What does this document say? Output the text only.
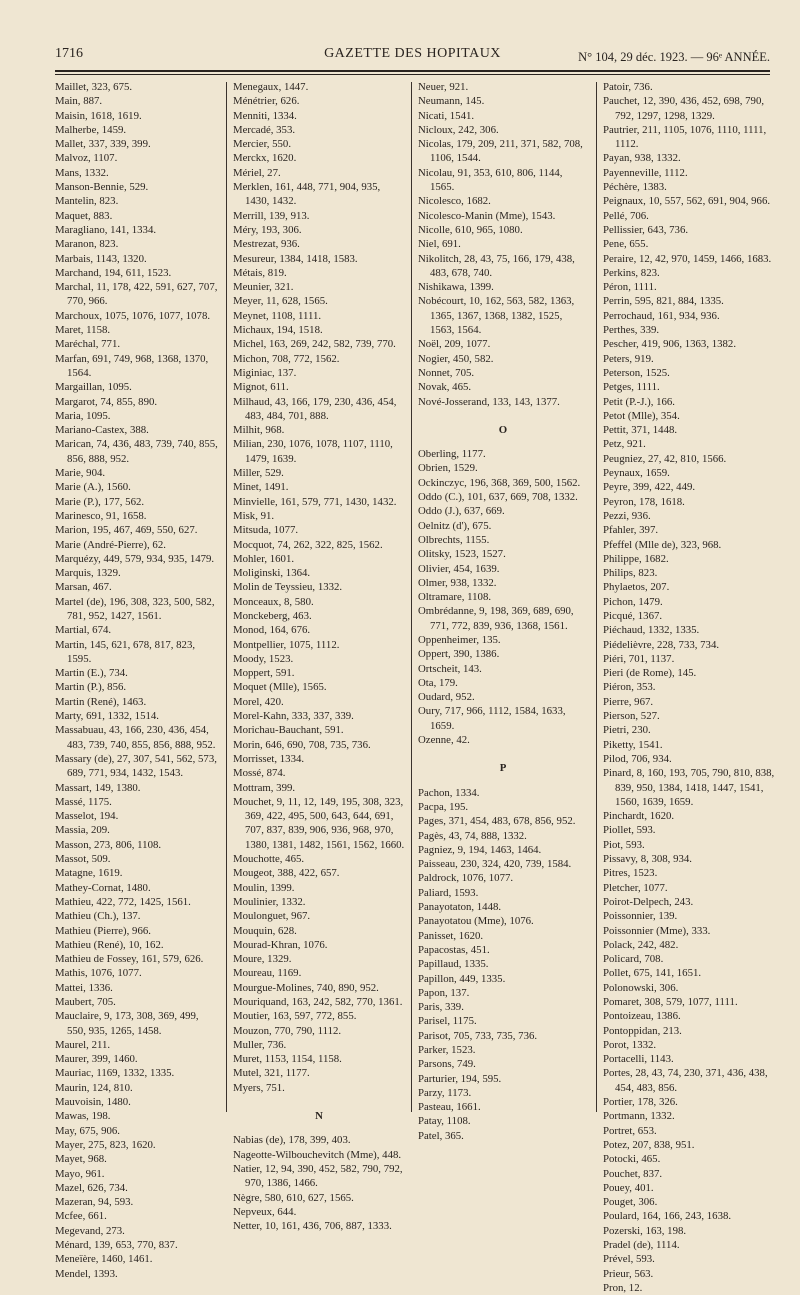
1716	GAZETTE DES HOPITAUX	N° 104, 29 déc. 1923. — 96ᵉ ANNÉE.

Maillet, 323, 675.

Main, 887.

Maisin, 1618, 1619.

Malherbe, 1459.

Mallet, 337, 339, 399.

Malvoz, 1107.

Mans, 1332.

Manson-Bennie, 529.

Mantelin, 823.

Maquet, 883.

Maragliano, 141, 1334.

Maranon, 823.

Marbais, 1143, 1320.

Marchand, 194, 611, 1523.

Marchal, 11, 178, 422, 591, 627, 707, 770, 966.

Marchoux, 1075, 1076, 1077, 1078.

Maret, 1158.

Maréchal, 771.

Marfan, 691, 749, 968, 1368, 1370, 1564.

Margaillan, 1095.

Margarot, 74, 855, 890.

Maria, 1095.

Mariano-Castex, 388.

Marican, 74, 436, 483, 739, 740, 855, 856, 888, 952.

Marie, 904.

Marie (A.), 1560.

Marie (P.), 177, 562.

Marinesco, 91, 1658.

Marion, 195, 467, 469, 550, 627.

Marie (André-Pierre), 62.

Marquézy, 449, 579, 934, 935, 1479.

Marquis, 1329.

Marsan, 467.

Martel (de), 196, 308, 323, 500, 582, 781, 952, 1427, 1561.

Martial, 674.

Martin, 145, 621, 678, 817, 823, 1595.

Martin (E.), 734.

Martin (P.), 856.

Martin (René), 1463.

Marty, 691, 1332, 1514.

Massabuau, 43, 166, 230, 436, 454, 483, 739, 740, 855, 856, 888, 952.

Massary (de), 27, 307, 541, 562, 573, 689, 771, 934, 1432, 1543.

Massart, 149, 1380.

Massé, 1175.

Masselot, 194.

Massia, 209.

Masson, 273, 806, 1108.

Massot, 509.

Matagne, 1619.

Mathey-Cornat, 1480.

Mathieu, 422, 772, 1425, 1561.

Mathieu (Ch.), 137.

Mathieu (Pierre), 966.

Mathieu (René), 10, 162.

Mathieu de Fossey, 161, 579, 626.

Mathis, 1076, 1077.

Mattei, 1336.

Maubert, 705.

Mauclaire, 9, 173, 308, 369, 499, 550, 935, 1265, 1458.

Maurel, 211.

Maurer, 399, 1460.

Mauriac, 1169, 1332, 1335.

Maurin, 124, 810.

Mauvoisin, 1480.

Mawas, 198.

May, 675, 906.

Mayer, 275, 823, 1620.

Mayet, 968.

Mayo, 961.

Mazel, 626, 734.

Mazeran, 94, 593.

Mcfee, 661.

Megevand, 273.

Ménard, 139, 653, 770, 837.

Meneïère, 1460, 1461.

Mendel, 1393.

Menegaux, 1447.

Ménétrier, 626.

Menniti, 1334.

Mercadé, 353.

Mercier, 550.

Merckx, 1620.

Mériel, 27.

Merklen, 161, 448, 771, 904, 935, 1430, 1432.

Merrill, 139, 913.

Méry, 193, 306.

Mestrezat, 936.

Mesureur, 1384, 1418, 1583.

Métais, 819.

Meunier, 321.

Meyer, 11, 628, 1565.

Meynet, 1108, 1111.

Michaux, 194, 1518.

Michel, 163, 269, 242, 582, 739, 770.

Michon, 708, 772, 1562.

Miginiac, 137.

Mignot, 611.

Milhaud, 43, 166, 179, 230, 436, 454, 483, 484, 701, 888.

Milhit, 968.

Milian, 230, 1076, 1078, 1107, 1110, 1479, 1639.

Miller, 529.

Minet, 1491.

Minvielle, 161, 579, 771, 1430, 1432.

Misk, 91.

Mitsuda, 1077.

Mocquot, 74, 262, 322, 825, 1562.

Mohler, 1601.

Moliginski, 1364.

Molin de Teyssieu, 1332.

Monceaux, 8, 580.

Monckeberg, 463.

Monod, 164, 676.

Montpellier, 1075, 1112.

Moody, 1523.

Moppert, 591.

Moquet (Mlle), 1565.

Morel, 420.

Morel-Kahn, 333, 337, 339.

Morichau-Bauchant, 591.

Morin, 646, 690, 708, 735, 736.

Morrisset, 1334.

Mossé, 874.

Mottram, 399.

Mouchet, 9, 11, 12, 149, 195, 308, 323, 369, 422, 495, 500, 643, 644, 691, 707, 837, 839, 906, 936, 968, 970, 1380, 1381, 1482, 1561, 1562, 1660.

Mouchotte, 465.

Mougeot, 388, 422, 657.

Moulin, 1399.

Moulinier, 1332.

Moulonguet, 967.

Mouquin, 628.

Mourad-Khran, 1076.

Moure, 1329.

Moureau, 1169.

Mourgue-Molines, 740, 890, 952.

Mouriquand, 163, 242, 582, 770, 1361.

Moutier, 163, 597, 772, 855.

Mouzon, 770, 790, 1112.

Muller, 736.

Muret, 1153, 1154, 1158.

Mutel, 321, 1177.

Myers, 751.

N

Nabias (de), 178, 399, 403.

Nageotte-Wilbouchevitch (Mme), 448.

Natier, 12, 94, 390, 452, 582, 790, 792, 970, 1386, 1466.

Nègre, 580, 610, 627, 1565.

Nepveux, 644.

Netter, 10, 161, 436, 706, 887, 1333.

Neuer, 921.

Neumann, 145.

Nicati, 1541.

Nicloux, 242, 306.

Nicolas, 179, 209, 211, 371, 582, 708, 1106, 1544.

Nicolau, 91, 353, 610, 806, 1144, 1565.

Nicolesco, 1682.

Nicolesco-Manin (Mme), 1543.

Nicolle, 610, 965, 1080.

Niel, 691.

Nikolitch, 28, 43, 75, 166, 179, 438, 483, 678, 740.

Nishikawa, 1399.

Nobécourt, 10, 162, 563, 582, 1363, 1365, 1367, 1368, 1382, 1525, 1563, 1564.

Noël, 209, 1077.

Nogier, 450, 582.

Nonnet, 705.

Novak, 465.

Nové-Josserand, 133, 143, 1377.

O

Oberling, 1177.

Obrien, 1529.

Ockinczyc, 196, 368, 369, 500, 1562.

Oddo (C.), 101, 637, 669, 708, 1332.

Oddo (J.), 637, 669.

Oelnitz (d'), 675.

Olbrechts, 1155.

Olitsky, 1523, 1527.

Olivier, 454, 1639.

Olmer, 938, 1332.

Oltramare, 1108.

Ombrédanne, 9, 198, 369, 689, 690, 771, 772, 839, 936, 1368, 1561.

Oppenheimer, 135.

Oppert, 390, 1386.

Ortscheit, 143.

Ota, 179.

Oudard, 952.

Oury, 717, 966, 1112, 1584, 1633, 1659.

Ozenne, 42.

P

Pachon, 1334.

Pacpa, 195.

Pages, 371, 454, 483, 678, 856, 952.

Pagès, 43, 74, 888, 1332.

Pagniez, 9, 194, 1463, 1464.

Paisseau, 230, 324, 420, 739, 1584.

Paldrock, 1076, 1077.

Paliard, 1593.

Panayotaton, 1448.

Panayotatou (Mme), 1076.

Panisset, 1620.

Papacostas, 451.

Papillaud, 1335.

Papillon, 449, 1335.

Papon, 137.

Paris, 339.

Parisel, 1175.

Parisot, 705, 733, 735, 736.

Parker, 1523.

Parsons, 749.

Parturier, 194, 595.

Parzy, 1173.

Pasteau, 1661.

Patay, 1108.

Patel, 365.

Patoir, 736.

Pauchet, 12, 390, 436, 452, 698, 790, 792, 1297, 1298, 1329.

Pautrier, 211, 1105, 1076, 1110, 1111, 1112.

Payan, 938, 1332.

Payenneville, 1112.

Péchère, 1383.

Peignaux, 10, 557, 562, 691, 904, 966.

Pellé, 706.

Pellissier, 643, 736.

Pene, 655.

Peraire, 12, 42, 970, 1459, 1466, 1683.

Perkins, 823.

Péron, 1111.

Perrin, 595, 821, 884, 1335.

Perrochaud, 161, 934, 936.

Perthes, 339.

Pescher, 419, 906, 1363, 1382.

Peters, 919.

Peterson, 1525.

Petges, 1111.

Petit (P.-J.), 166.

Petot (Mlle), 354.

Pettit, 371, 1448.

Petz, 921.

Peugniez, 27, 42, 810, 1566.

Peynaux, 1659.

Peyre, 399, 422, 449.

Peyron, 178, 1618.

Pezzi, 936.

Pfahler, 397.

Pfeffel (Mlle de), 323, 968.

Philippe, 1682.

Philips, 823.

Phylaetos, 207.

Pichon, 1479.

Picqué, 1367.

Piéchaud, 1332, 1335.

Piédelièvre, 228, 733, 734.

Piéri, 701, 1137.

Pieri (de Rome), 145.

Piéron, 353.

Pierre, 967.

Pierson, 527.

Pietri, 230.

Piketty, 1541.

Pilod, 706, 934.

Pinard, 8, 160, 193, 705, 790, 810, 838, 839, 950, 1384, 1418, 1447, 1541, 1560, 1639, 1659.

Pinchardt, 1620.

Piollet, 593.

Piot, 593.

Pissavy, 8, 308, 934.

Pitres, 1523.

Pletcher, 1077.

Poirot-Delpech, 243.

Poissonnier, 139.

Poissonnier (Mme), 333.

Polack, 242, 482.

Policard, 708.

Pollet, 675, 141, 1651.

Polonowski, 306.

Pomaret, 308, 579, 1077, 1111.

Pontoizeau, 1386.

Pontoppidan, 213.

Porot, 1332.

Portacelli, 1143.

Portes, 28, 43, 74, 230, 371, 436, 438, 454, 483, 856.

Portier, 178, 326.

Portmann, 1332.

Portret, 653.

Potez, 207, 838, 951.

Potocki, 465.

Pouchet, 837.

Pouey, 401.

Pouget, 306.

Poulard, 164, 166, 243, 1638.

Pozerski, 163, 198.

Pradel (de), 1114.

Prével, 593.

Prieur, 563.

Pron, 12.
